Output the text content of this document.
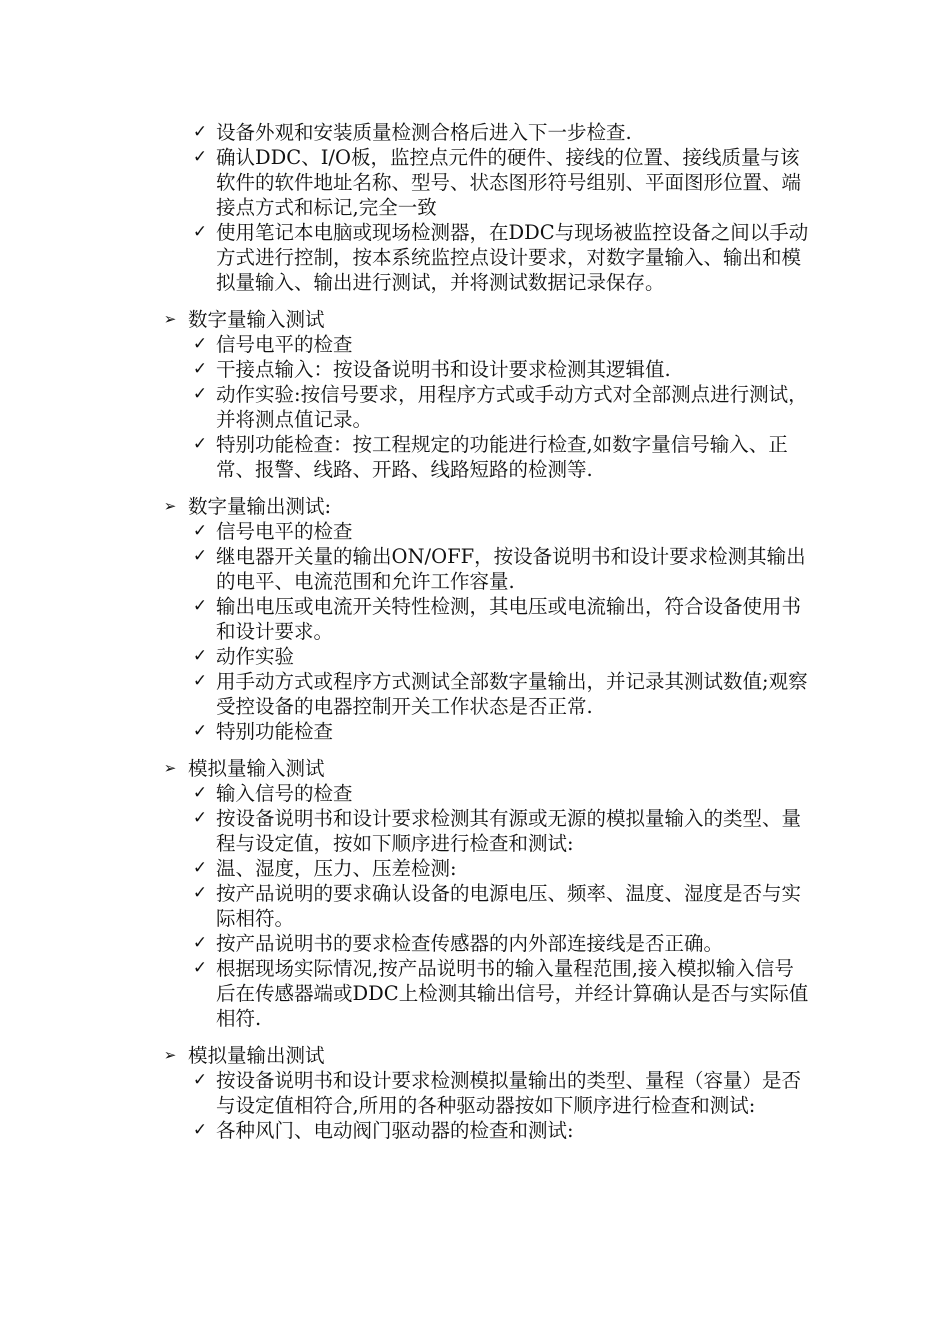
✓ 设备外观和安装质量检测合格后进入下一步检查.
✓ 确认DDC、I/O板，监控点元件的硬件、接线的位置、接线质量与该软件的软件地址名称、型号、状态图形符号组别、平面图形位置、端接点方式和标记,完全一致
✓ 使用笔记本电脑或现场检测器，在DDC与现场被监控设备之间以手动方式进行控制，按本系统监控点设计要求，对数字量输入、输出和模拟量输入、输出进行测试，并将测试数据记录保存。
➢ 数字量输入测试
✓ 信号电平的检查
✓ 干接点输入：按设备说明书和设计要求检测其逻辑值.
✓ 动作实验:按信号要求，用程序方式或手动方式对全部测点进行测试，并将测点值记录。
✓ 特别功能检查：按工程规定的功能进行检查,如数字量信号输入、正常、报警、线路、开路、线路短路的检测等.
➢ 数字量输出测试:
✓ 信号电平的检查
✓ 继电器开关量的输出ON/OFF，按设备说明书和设计要求检测其输出的电平、电流范围和允许工作容量.
✓ 输出电压或电流开关特性检测，其电压或电流输出，符合设备使用书和设计要求。
✓ 动作实验
✓ 用手动方式或程序方式测试全部数字量输出，并记录其测试数值;观察受控设备的电器控制开关工作状态是否正常.
✓ 特别功能检查
➢ 模拟量输入测试
✓ 输入信号的检查
✓ 按设备说明书和设计要求检测其有源或无源的模拟量输入的类型、量程与设定值，按如下顺序进行检查和测试:
✓ 温、湿度，压力、压差检测:
✓ 按产品说明的要求确认设备的电源电压、频率、温度、湿度是否与实际相符。
✓ 按产品说明书的要求检查传感器的内外部连接线是否正确。
✓ 根据现场实际情况,按产品说明书的输入量程范围,接入模拟输入信号后在传感器端或DDC上检测其输出信号，并经计算确认是否与实际值相符.
➢ 模拟量输出测试
✓ 按设备说明书和设计要求检测模拟量输出的类型、量程（容量）是否与设定值相符合,所用的各种驱动器按如下顺序进行检查和测试:
✓ 各种风门、电动阀门驱动器的检查和测试:
